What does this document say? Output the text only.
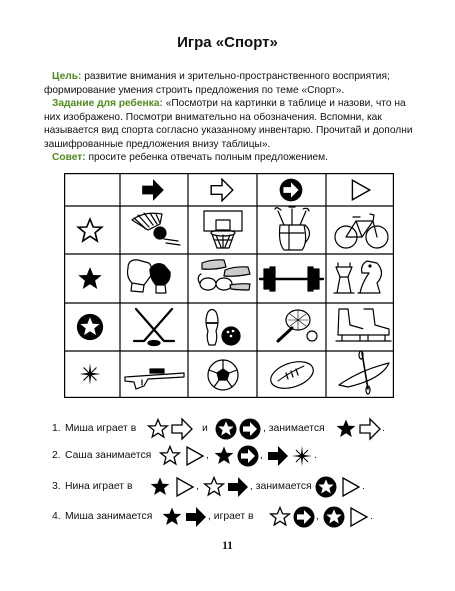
Игра «Спорт»
Цель: развитие внимания и зрительно-пространственного восприятия; формирование умения строить предложения по теме «Спорт».
Задание для ребенка: «Посмотри на картинки в таблице и назови, что на них изображено. Посмотри внимательно на обозначения. Вспомни, как называется вид спорта согласно указанному инвентарю. Прочитай и дополни зашифрованные предложения внизу таблицы».
Совет: просите ребенка отвечать полным предложением.
1. Миша играет в	и	, занимается	.
2. Саша занимается	,	,	.
3. Нина играет в	,	, занимается	.
4. Миша занимается	, играет в	,	.
11
